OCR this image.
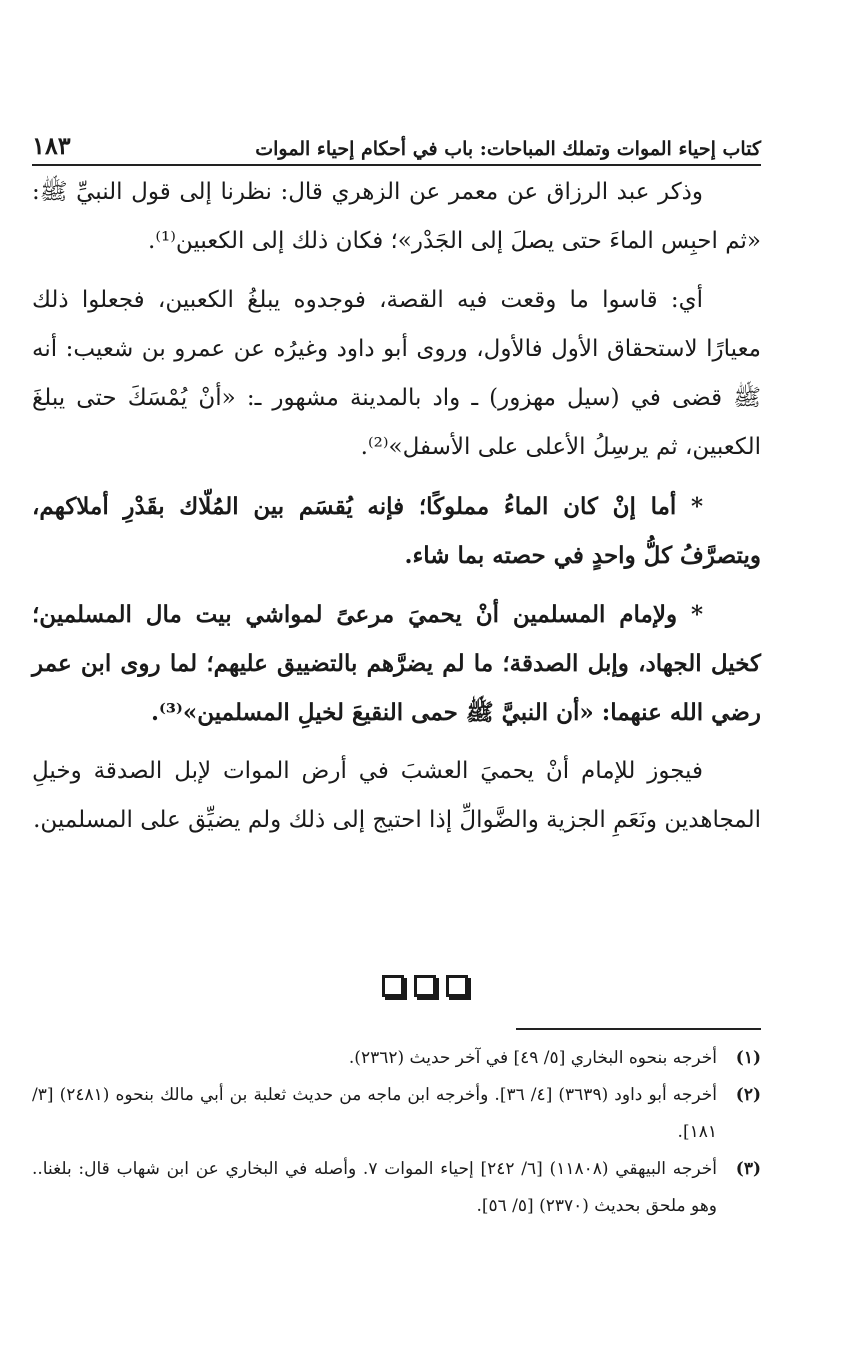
كتاب إحياء الموات وتملك المباحات: باب في أحكام إحياء الموات
١٨٣

وذكر عبد الرزاق عن معمر عن الزهري قال: نظرنا إلى قول النبيِّ ﷺ: «ثم احبِس الماءَ حتى يصلَ إلى الجَدْر»؛ فكان ذلك إلى الكعبين⁽¹⁾.

أي: قاسوا ما وقعت فيه القصة، فوجدوه يبلغُ الكعبين، فجعلوا ذلك معيارًا لاستحقاق الأول فالأول، وروى أبو داود وغيرُه عن عمرو بن شعيب: أنه ﷺ قضى في (سيل مهزور) ـ واد بالمدينة مشهور ـ: «أنْ يُمْسَكَ حتى يبلغَ الكعبين، ثم يرسِلُ الأعلى على الأسفل»⁽²⁾.

* أما إنْ كان الماءُ مملوكًا؛ فإنه يُقسَم بين المُلّاك بقَدْرِ أملاكهم، ويتصرَّفُ كلُّ واحدٍ في حصته بما شاء.

* ولإمام المسلمين أنْ يحميَ مرعىً لمواشي بيت مال المسلمين؛ كخيل الجهاد، وإبل الصدقة؛ ما لم يضرَّهم بالتضييق عليهم؛ لما روى ابن عمر رضي الله عنهما: «أن النبيَّ ﷺ حمى النقيعَ لخيلِ المسلمين»⁽³⁾.

فيجوز للإمام أنْ يحميَ العشبَ في أرض الموات لإبل الصدقة وخيلِ المجاهدين ونَعَمِ الجزية والضَّوالِّ إذا احتيج إلى ذلك ولم يضيِّق على المسلمين.

(١)
أخرجه بنحوه البخاري [٥/ ٤٩] في آخر حديث (٢٣٦٢).
(٢)
أخرجه أبو داود (٣٦٣٩) [٤/ ٣٦]. وأخرجه ابن ماجه من حديث ثعلبة بن أبي مالك بنحوه (٢٤٨١) [٣/ ١٨١].
(٣)
أخرجه البيهقي (١١٨٠٨) [٦/ ٢٤٢] إحياء الموات ٧. وأصله في البخاري عن ابن شهاب قال: بلغنا.. وهو ملحق بحديث (٢٣٧٠) [٥/ ٥٦].
